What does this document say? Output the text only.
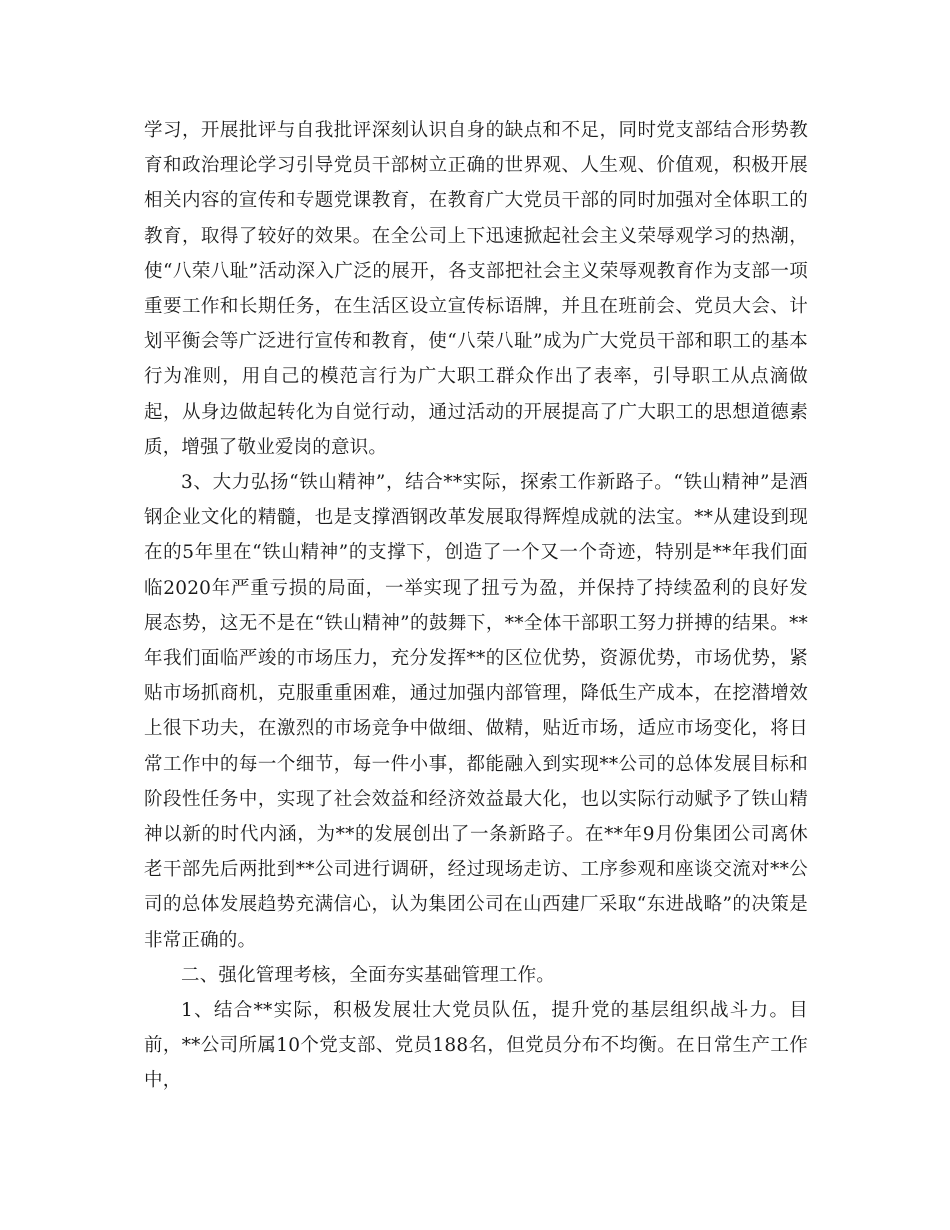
学习，开展批评与自我批评深刻认识自身的缺点和不足，同时党支部结合形势教育和政治理论学习引导党员干部树立正确的世界观、人生观、价值观，积极开展相关内容的宣传和专题党课教育，在教育广大党员干部的同时加强对全体职工的教育，取得了较好的效果。在全公司上下迅速掀起社会主义荣辱观学习的热潮，使“八荣八耻”活动深入广泛的展开，各支部把社会主义荣辱观教育作为支部一项重要工作和长期任务，在生活区设立宣传标语牌，并且在班前会、党员大会、计划平衡会等广泛进行宣传和教育，使“八荣八耻”成为广大党员干部和职工的基本行为准则，用自己的模范言行为广大职工群众作出了表率，引导职工从点滴做起，从身边做起转化为自觉行动，通过活动的开展提高了广大职工的思想道德素质，增强了敬业爱岗的意识。

3、大力弘扬“铁山精神”，结合**实际，探索工作新路子。“铁山精神”是酒钢企业文化的精髓，也是支撑酒钢改革发展取得辉煌成就的法宝。**从建设到现在的5年里在“铁山精神”的支撑下，创造了一个又一个奇迹，特别是**年我们面临2020年严重亏损的局面，一举实现了扭亏为盈，并保持了持续盈利的良好发展态势，这无不是在“铁山精神”的鼓舞下，**全体干部职工努力拼搏的结果。**年我们面临严竣的市场压力，充分发挥**的区位优势，资源优势，市场优势，紧贴市场抓商机，克服重重困难，通过加强内部管理，降低生产成本，在挖潜增效上很下功夫，在激烈的市场竞争中做细、做精，贴近市场，适应市场变化，将日常工作中的每一个细节，每一件小事，都能融入到实现**公司的总体发展目标和阶段性任务中，实现了社会效益和经济效益最大化，也以实际行动赋予了铁山精神以新的时代内涵，为**的发展创出了一条新路子。在**年9月份集团公司离休老干部先后两批到**公司进行调研，经过现场走访、工序参观和座谈交流对**公司的总体发展趋势充满信心，认为集团公司在山西建厂采取“东进战略”的决策是非常正确的。

二、强化管理考核，全面夯实基础管理工作。

1、结合**实际，积极发展壮大党员队伍，提升党的基层组织战斗力。目前，**公司所属10个党支部、党员188名，但党员分布不均衡。在日常生产工作中，
